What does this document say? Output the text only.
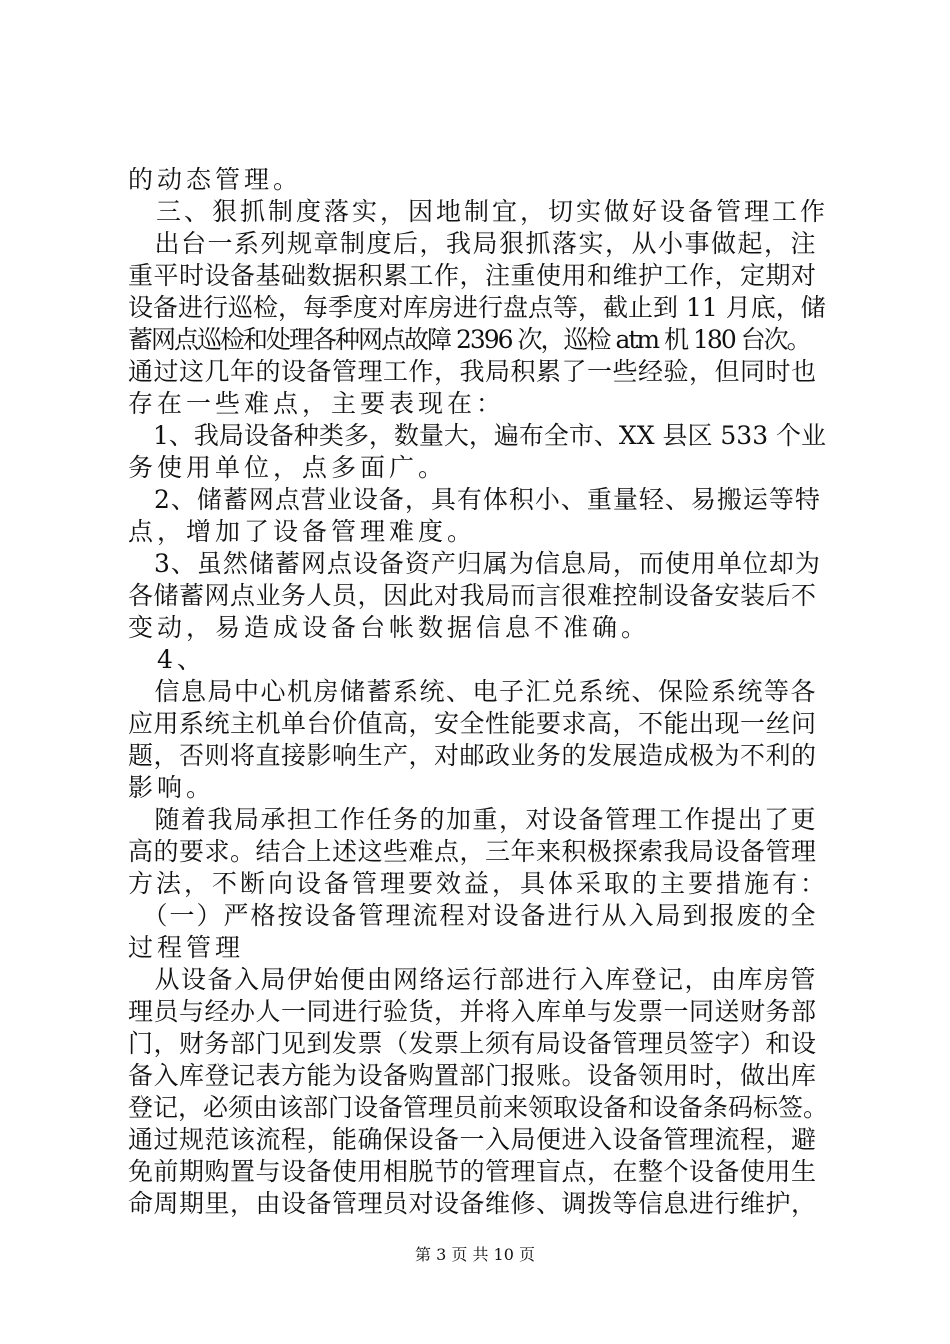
的动态管理。
　三、狠抓制度落实，因地制宜，切实做好设备管理工作
　出台一系列规章制度后，我局狠抓落实，从小事做起，注
重平时设备基础数据积累工作，注重使用和维护工作，定期对
设备进行巡检，每季度对库房进行盘点等，截止到 11 月底，储
蓄网点巡检和处理各种网点故障 2396 次，巡检 atm 机 180 台次。
通过这几年的设备管理工作，我局积累了一些经验，但同时也
存在一些难点，主要表现在：
　1、我局设备种类多，数量大，遍布全市、XX 县区 533 个业
务使用单位，点多面广。
　2、储蓄网点营业设备，具有体积小、重量轻、易搬运等特
点，增加了设备管理难度。
　3、虽然储蓄网点设备资产归属为信息局，而使用单位却为
各储蓄网点业务人员，因此对我局而言很难控制设备安装后不
变动，易造成设备台帐数据信息不准确。
　4、
　信息局中心机房储蓄系统、电子汇兑系统、保险系统等各
应用系统主机单台价值高，安全性能要求高，不能出现一丝问
题，否则将直接影响生产，对邮政业务的发展造成极为不利的
影响。
　随着我局承担工作任务的加重，对设备管理工作提出了更
高的要求。结合上述这些难点，三年来积极探索我局设备管理
方法，不断向设备管理要效益，具体采取的主要措施有：
　（一）严格按设备管理流程对设备进行从入局到报废的全
过程管理
　从设备入局伊始便由网络运行部进行入库登记，由库房管
理员与经办人一同进行验货，并将入库单与发票一同送财务部
门，财务部门见到发票（发票上须有局设备管理员签字）和设
备入库登记表方能为设备购置部门报账。设备领用时，做出库
登记，必须由该部门设备管理员前来领取设备和设备条码标签。
通过规范该流程，能确保设备一入局便进入设备管理流程，避
免前期购置与设备使用相脱节的管理盲点，在整个设备使用生
命周期里，由设备管理员对设备维修、调拨等信息进行维护，
第 3 页 共 10 页
